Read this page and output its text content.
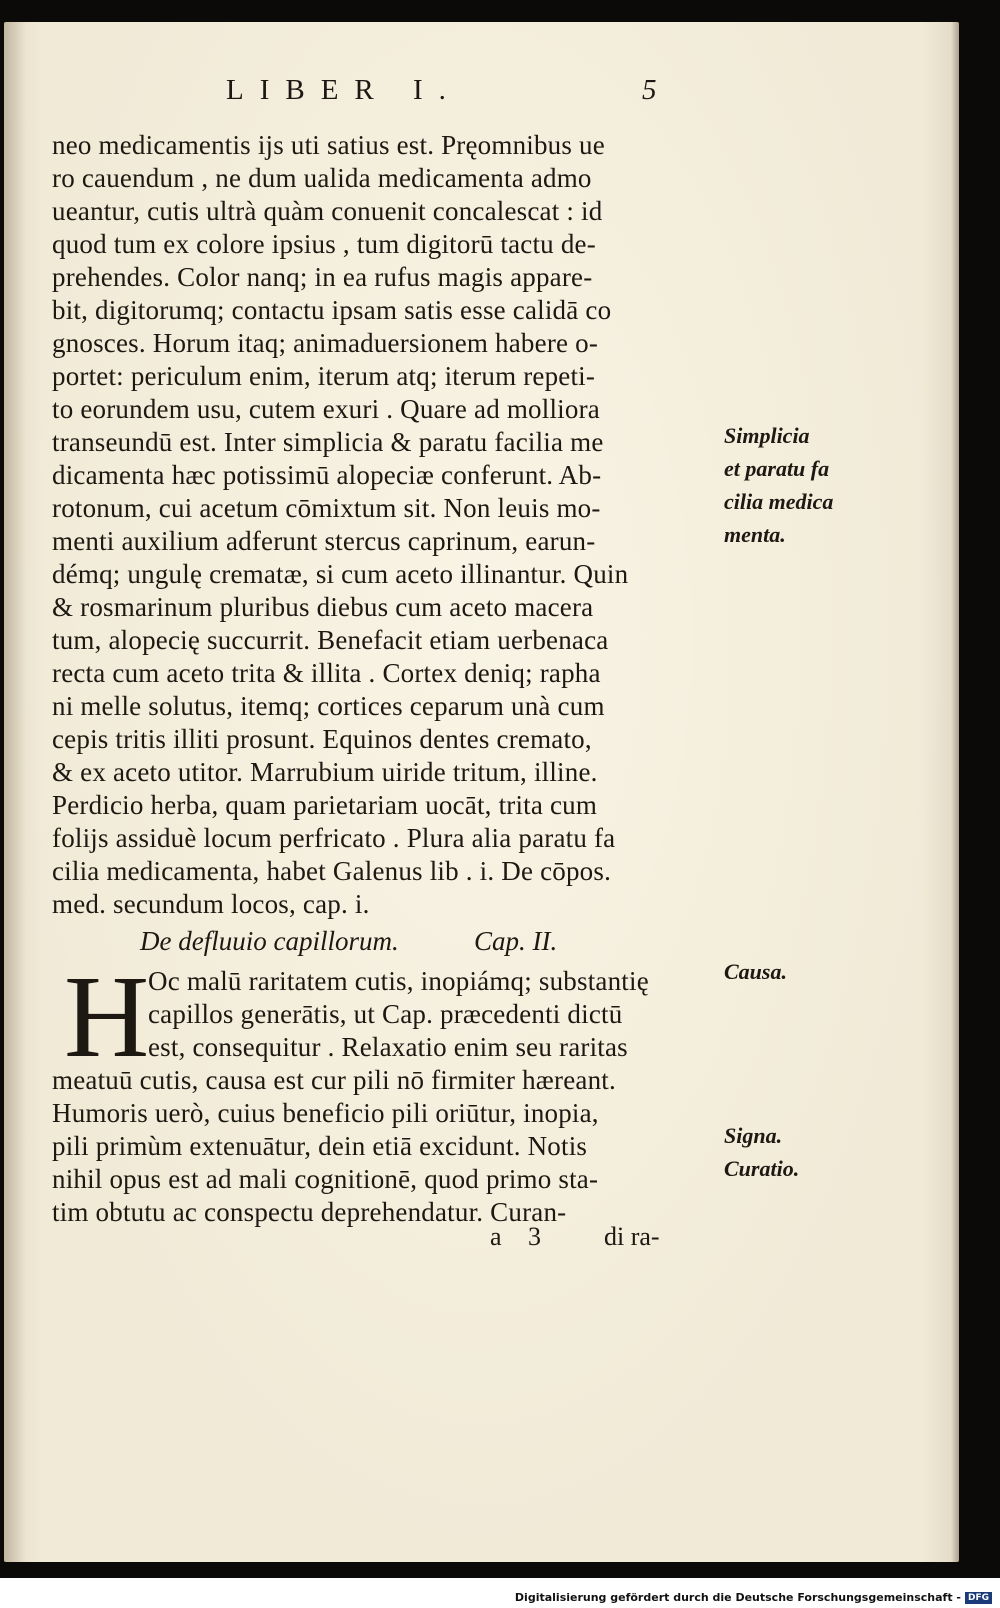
LIBER I.	5
neo medicamentis ijs uti satius est. Pręomnibus ue
ro cauendum , ne dum ualida medicamenta admo
ueantur, cutis ultrà quàm conuenit concalescat : id
quod tum ex colore ipsius , tum digitorū tactu de-
prehendes. Color nanq; in ea rufus magis appare-
bit, digitorumq; contactu ipsam satis esse calidā co
gnosces. Horum itaq; animaduersionem habere o-
portet: periculum enim, iterum atq; iterum repeti-
to eorundem usu, cutem exuri . Quare ad molliora
transeundū est. Inter simplicia & paratu facilia me
dicamenta hæc potissimū alopeciæ conferunt. Ab-
rotonum, cui acetum cōmixtum sit. Non leuis mo-
menti auxilium adferunt stercus caprinum, earun-
démq; ungulę crematæ, si cum aceto illinantur. Quin
& rosmarinum pluribus diebus cum aceto macera
tum, alopecię succurrit. Benefacit etiam uerbenaca
recta cum aceto trita & illita . Cortex deniq; rapha
ni melle solutus, itemq; cortices ceparum unà cum
cepis tritis illiti prosunt. Equinos dentes cremato,
& ex aceto utitor. Marrubium uiride tritum, illine.
Perdicio herba, quam parietariam uocāt, trita cum
folijs assiduè locum perfricato . Plura alia paratu fa
cilia medicamenta, habet Galenus lib . i. De cōpos.
med. secundum locos, cap. i.
De defluuio capillorum.	Cap. II.
H
Oc malū raritatem cutis, inopiámq; substantię
capillos generātis, ut Cap. præcedenti dictū
est, consequitur . Relaxatio enim seu raritas
meatuū cutis, causa est cur pili nō firmiter hæreant.
Humoris uerò, cuius beneficio pili oriūtur, inopia,
pili primùm extenuātur, dein etiā excidunt. Notis
nihil opus est ad mali cognitionē, quod primo sta-
tim obtutu ac conspectu deprehendatur. Curan-
Simplicia
et paratu fa
cilia medica
menta.
Causa.
Signa.
Curatio.
a 3 di ra-
Digitalisierung gefördert durch die Deutsche Forschungsgemeinschaft - DFG
